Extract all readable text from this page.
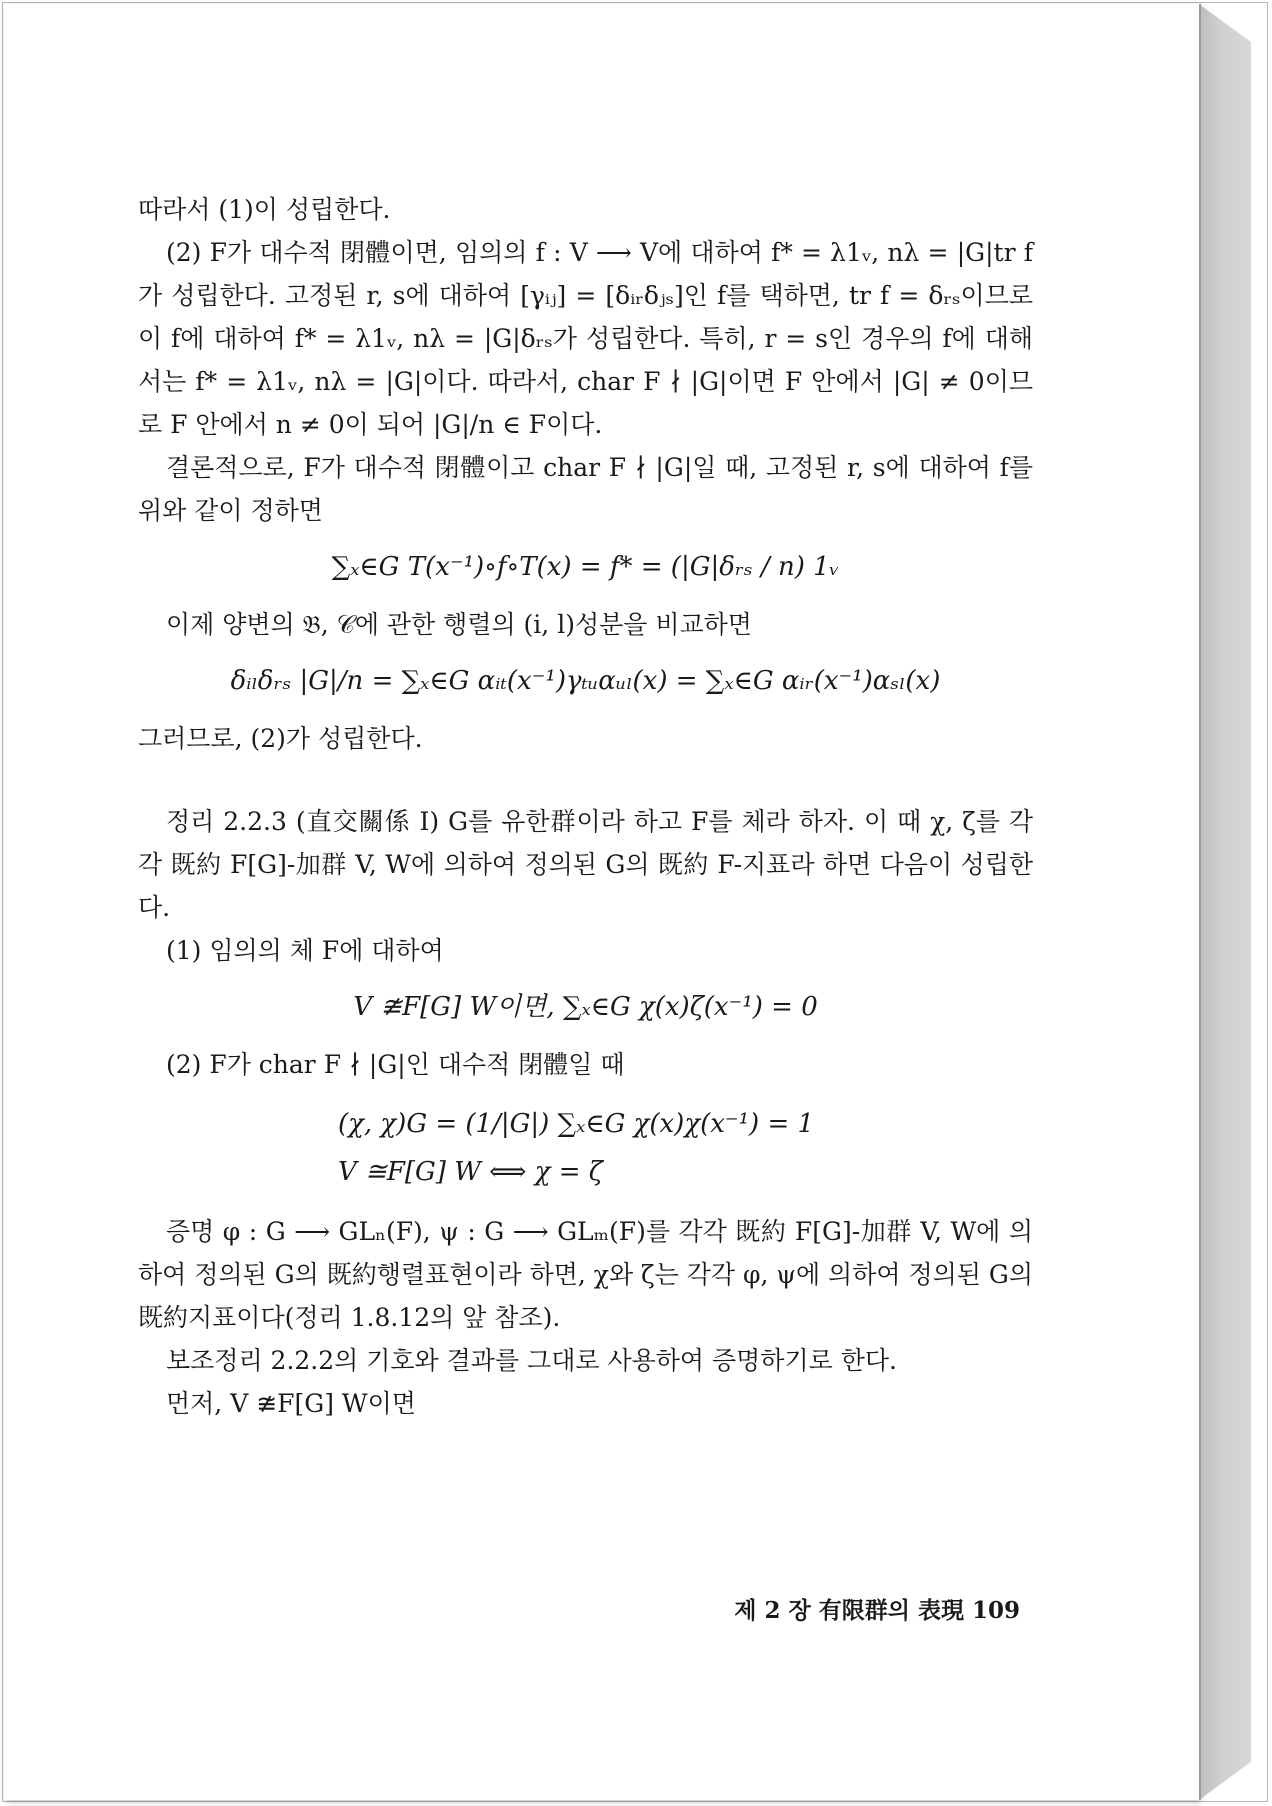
따라서 (1)이 성립한다.

(2) F가 대수적 閉體이면, 임의의 f : V ⟶ V에 대하여 f* = λ1ᵥ, nλ = |G|tr f가 성립한다. 고정된 r, s에 대하여 [γᵢⱼ] = [δᵢᵣδⱼₛ]인 f를 택하면, tr f = δᵣₛ이므로 이 f에 대하여 f* = λ1ᵥ, nλ = |G|δᵣₛ가 성립한다. 특히, r = s인 경우의 f에 대해서는 f* = λ1ᵥ, nλ = |G|이다. 따라서, char F ∤ |G|이면 F 안에서 |G| ≠ 0이므로 F 안에서 n ≠ 0이 되어 |G|/n ∈ F이다.

결론적으로, F가 대수적 閉體이고 char F ∤ |G|일 때, 고정된 r, s에 대하여 f를 위와 같이 정하면

∑ₓ∈G T(x⁻¹)∘f∘T(x) = f* = (|G|δᵣₛ / n) 1ᵥ

이제 양변의 𝔅, 𝒞에 관한 행렬의 (i, l)성분을 비교하면

δᵢₗδᵣₛ |G|/n = ∑ₓ∈G αᵢₜ(x⁻¹)γₜᵤαᵤₗ(x) = ∑ₓ∈G αᵢᵣ(x⁻¹)αₛₗ(x)

그러므로, (2)가 성립한다.

정리 2.2.3 (直交關係 I) G를 유한群이라 하고 F를 체라 하자. 이 때 χ, ζ를 각각 既約 F[G]-加群 V, W에 의하여 정의된 G의 既約 F-지표라 하면 다음이 성립한다.

(1) 임의의 체 F에 대하여

V ≇F[G] W이면, ∑ₓ∈G χ(x)ζ(x⁻¹) = 0

(2) F가 char F ∤ |G|인 대수적 閉體일 때

(χ, χ)G = (1/|G|) ∑ₓ∈G χ(x)χ(x⁻¹) = 1
V ≅F[G] W ⟺ χ = ζ

증명 φ : G ⟶ GLₙ(F), ψ : G ⟶ GLₘ(F)를 각각 既約 F[G]-加群 V, W에 의하여 정의된 G의 既約행렬표현이라 하면, χ와 ζ는 각각 φ, ψ에 의하여 정의된 G의 既約지표이다(정리 1.8.12의 앞 참조).

보조정리 2.2.2의 기호와 결과를 그대로 사용하여 증명하기로 한다.

먼저, V ≇F[G] W이면

제 2 장 有限群의 表現 109
